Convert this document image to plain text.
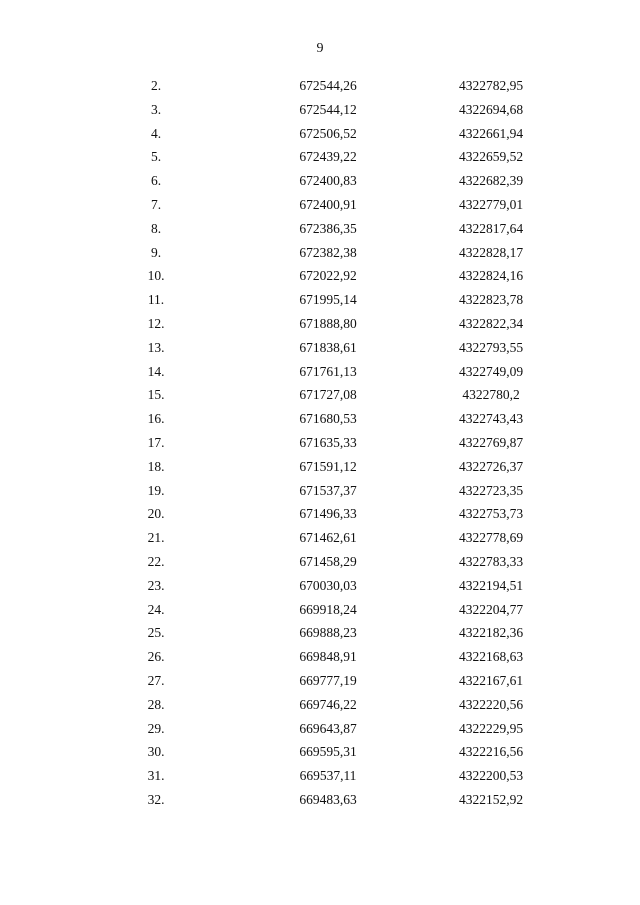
9
2.	672544,26	4322782,95
3.	672544,12	4322694,68
4.	672506,52	4322661,94
5.	672439,22	4322659,52
6.	672400,83	4322682,39
7.	672400,91	4322779,01
8.	672386,35	4322817,64
9.	672382,38	4322828,17
10.	672022,92	4322824,16
11.	671995,14	4322823,78
12.	671888,80	4322822,34
13.	671838,61	4322793,55
14.	671761,13	4322749,09
15.	671727,08	4322780,2
16.	671680,53	4322743,43
17.	671635,33	4322769,87
18.	671591,12	4322726,37
19.	671537,37	4322723,35
20.	671496,33	4322753,73
21.	671462,61	4322778,69
22.	671458,29	4322783,33
23.	670030,03	4322194,51
24.	669918,24	4322204,77
25.	669888,23	4322182,36
26.	669848,91	4322168,63
27.	669777,19	4322167,61
28.	669746,22	4322220,56
29.	669643,87	4322229,95
30.	669595,31	4322216,56
31.	669537,11	4322200,53
32.	669483,63	4322152,92
